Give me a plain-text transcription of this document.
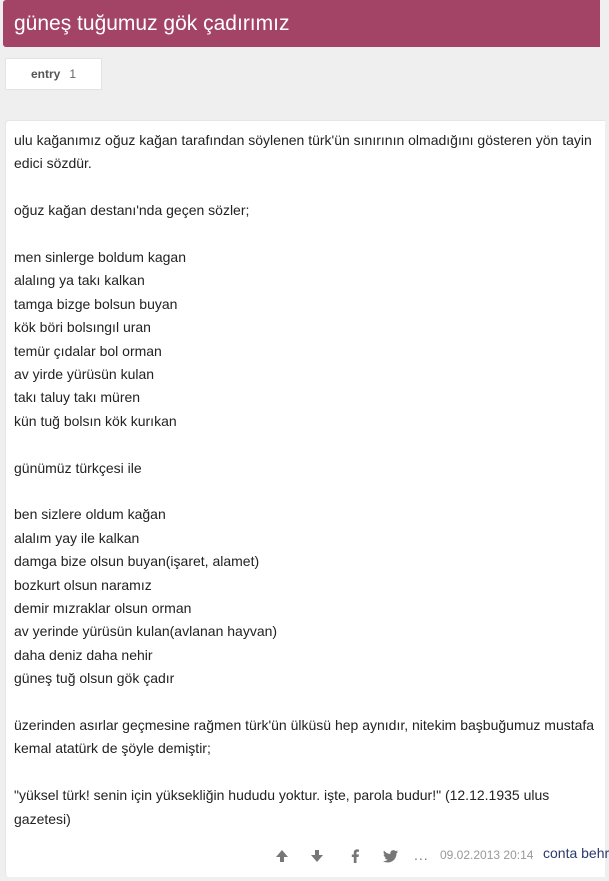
güneş tuğumuz gök çadırımız
entry 1

ulu kağanımız oğuz kağan tarafından söylenen türk'ün sınırının olmadığını gösteren yön tayin edici sözdür.

oğuz kağan destanı'nda geçen sözler;

men sinlerge boldum kagan

alalıng ya takı kalkan

tamga bizge bolsun buyan

kök böri bolsıngıl uran

temür çıdalar bol orman

av yirde yürüsün kulan

takı taluy takı müren

kün tuğ bolsın kök kurıkan

günümüz türkçesi ile

ben sizlere oldum kağan

alalım yay ile kalkan

damga bize olsun buyan(işaret, alamet)

bozkurt olsun naramız

demir mızraklar olsun orman

av yerinde yürüsün kulan(avlanan hayvan)

daha deniz daha nehir

güneş tuğ olsun gök çadır

üzerinden asırlar geçmesine rağmen türk'ün ülküsü hep aynıdır, nitekim başbuğumuz mustafa kemal atatürk de şöyle demiştir;

"yüksel türk! senin için yüksekliğin hududu yoktur. işte, parola budur!" (12.12.1935 ulus gazetesi)

... 09.02.2013 20:14 conta behr
